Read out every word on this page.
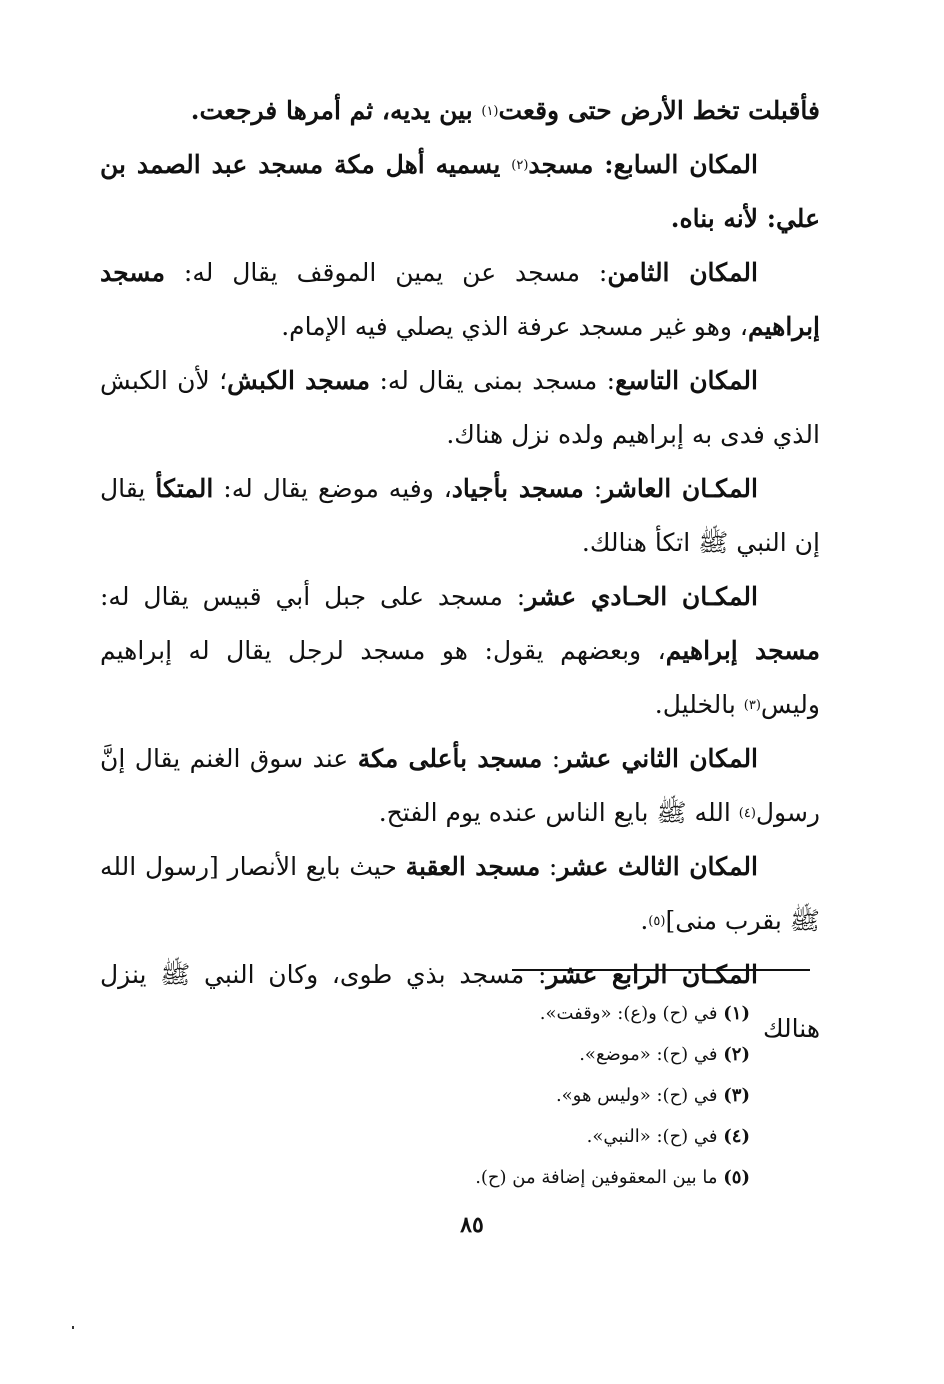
فأقبلت تخط الأرض حتى وقعت$^{(١)}$ بين يديه، ثم أمرها فرجعت.

المكان السابع: مسجد$^{(٢)}$ يسميه أهل مكة مسجد عبد الصمد بن علي: لأنه بناه.

المكان الثامن: مسجد عن يمين الموقف يقال له: مسجد إبراهيم، وهو غير مسجد عرفة الذي يصلي فيه الإمام.

المكان التاسع: مسجد بمنى يقال له: مسجد الكبش؛ لأن الكبش الذي فدى به إبراهيم ولده نزل هناك.

المكـان العاشر: مسجد بأجياد، وفيه موضع يقال له: المتكأ يقال إن النبي ﷺ اتكأ هنالك.

المكـان الحـادي عشر: مسجد على جبل أبي قبيس يقال له: مسجد إبراهيم، وبعضهم يقول: هو مسجد لرجل يقال له إبراهيم وليس$^{(٣)}$ بالخليل.

المكان الثاني عشر: مسجد بأعلى مكة عند سوق الغنم يقال إنَّ رسول$^{(٤)}$ الله ﷺ بايع الناس عنده يوم الفتح.

المكان الثالث عشر: مسجد العقبة حيث بايع الأنصار [رسول الله ﷺ بقرب منى]$^{(٥)}$.

المكـان الرابع عشر: مسجد بذي طوى، وكان النبي ﷺ ينزل هنالك

(١) في (ح) و(ع): «وقفت».

(٢) في (ح): «موضع».

(٣) في (ح): «وليس هو».

(٤) في (ح): «النبي».

(٥) ما بين المعقوفين إضافة من (ح).

٨٥
